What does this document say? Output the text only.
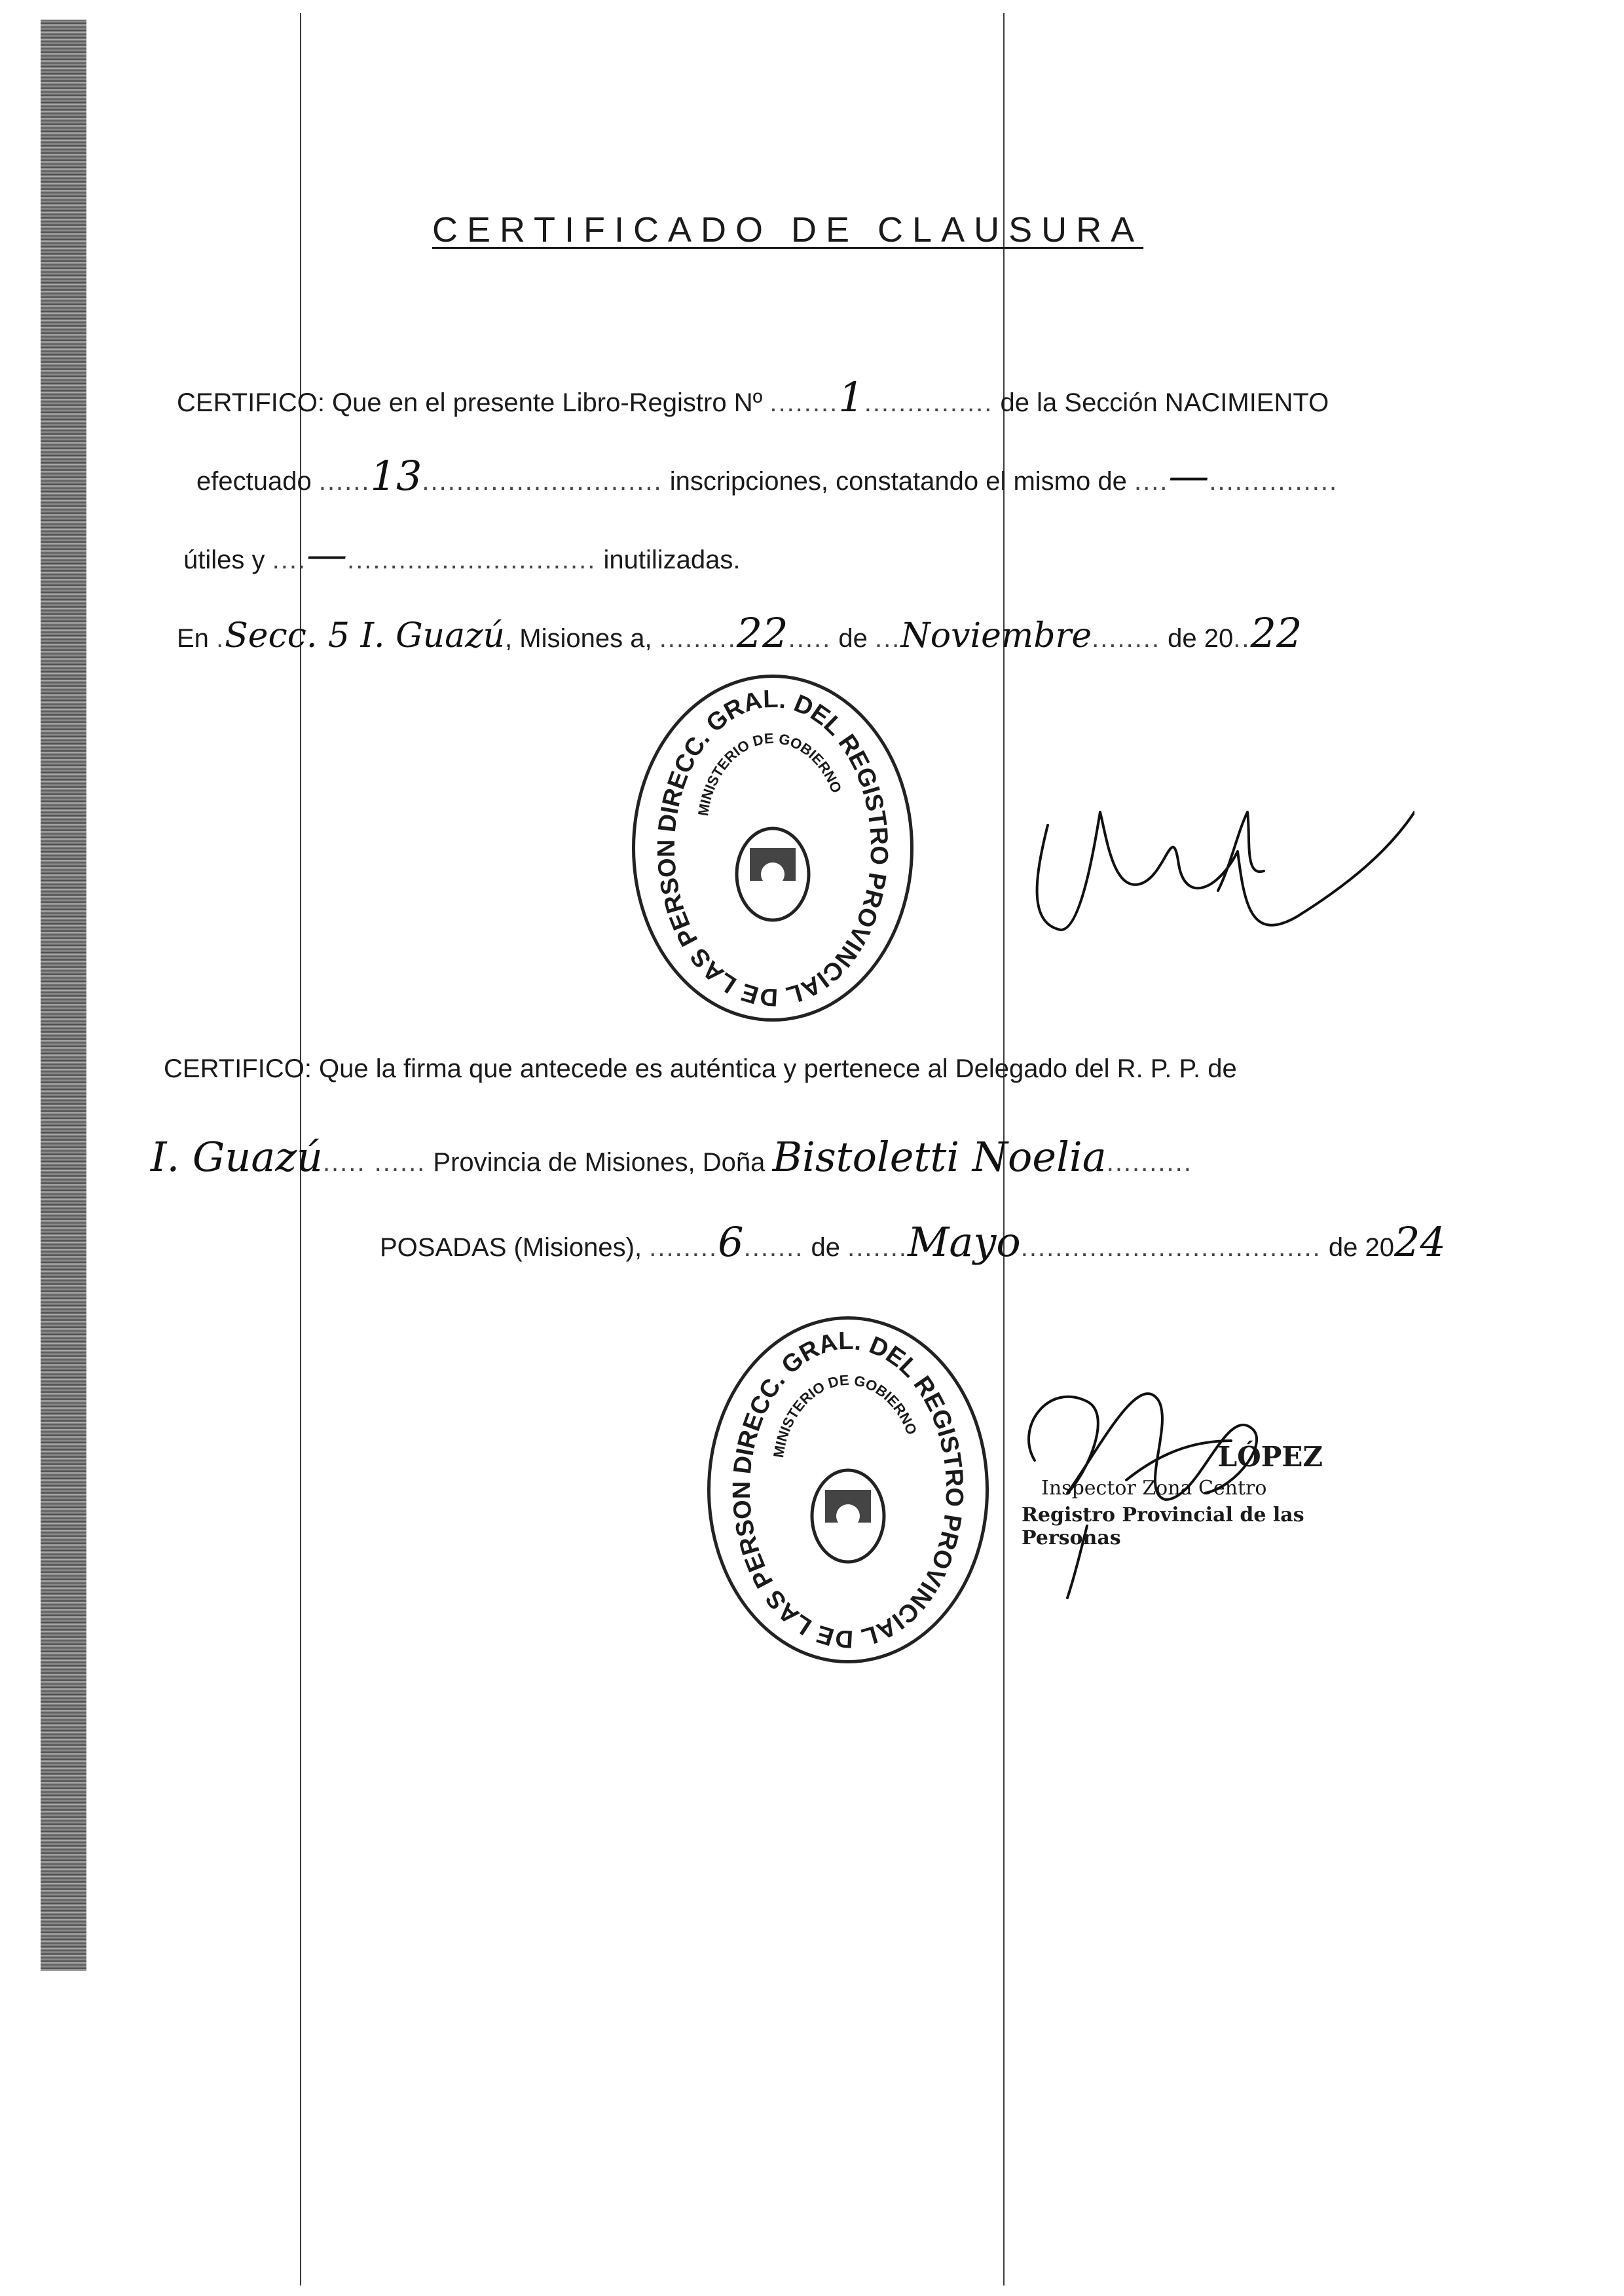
CERTIFICADO DE CLAUSURA
CERTIFICO: Que en el presente Libro-Registro Nº ........1............... de la Sección NACIMIENTO
efectuado ......13............................ inscripciones, constatando el mismo de ....—...............
útiles y ....—............................. inutilizadas.
En .Secc. 5 I. Guazú, Misiones a, .........22..... de ...Noviembre........ de 20..22
DIRECC. GRAL. DEL REGISTRO PROVINCIAL DE LAS PERSON
MINISTERIO DE GOBIERNO
CERTIFICO: Que la firma que antecede es auténtica y pertenece al Delegado del R. P. P. de
I. Guazú..... ...... Provincia de Misiones, Doña Bistoletti Noelia..........
POSADAS (Misiones), ........6....... de .......Mayo................................... de 2024
DIRECC. GRAL. DEL REGISTRO PROVINCIAL DE LAS PERSON
MINISTERIO DE GOBIERNO
LÓPEZ
Inspector Zona Centro
Registro Provincial de las Personas
